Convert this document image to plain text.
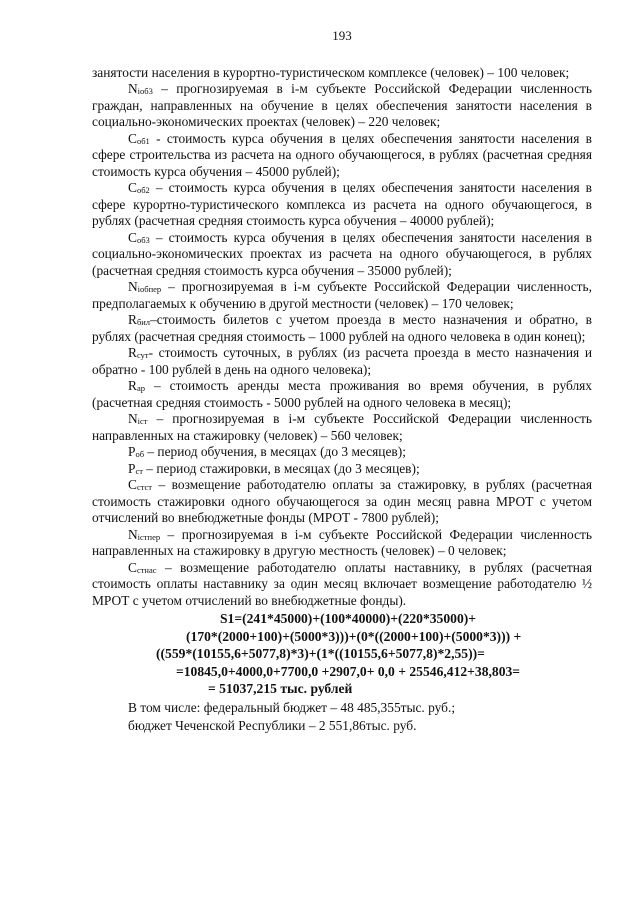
193

занятости населения в курортно-туристическом комплексе (человек) – 100 человек;

$N_{iоб3}$ – прогнозируемая в i-м субъекте Российской Федерации численность граждан, направленных на обучение в целях обеспечения занятости населения в социально-экономических проектах (человек) – 220 человек;

$C_{об1}$ - стоимость курса обучения в целях обеспечения занятости населения в сфере строительства из расчета на одного обучающегося, в рублях (расчетная средняя стоимость курса обучения – 45000 рублей);

$C_{об2}$ – стоимость курса обучения в целях обеспечения занятости населения в сфере курортно-туристического комплекса из расчета на одного обучающегося, в рублях (расчетная средняя стоимость курса обучения – 40000 рублей);

$C_{об3}$ – стоимость курса обучения в целях обеспечения занятости населения в социально-экономических проектах из расчета на одного обучающегося, в рублях (расчетная средняя стоимость курса обучения – 35000 рублей);

$N_{iобпер}$ – прогнозируемая в i-м субъекте Российской Федерации численность, предполагаемых к обучению в другой местности (человек) – 170 человек;

$R_{бил}$–стоимость билетов с учетом проезда в место назначения и обратно, в рублях (расчетная средняя стоимость – 1000 рублей на одного человека в один конец);

$R_{сут}-$ стоимость суточных, в рублях (из расчета проезда в место назначения и обратно - 100 рублей в день на одного человека);

$R_{ар}$ – стоимость аренды места проживания во время обучения, в рублях (расчетная средняя стоимость - 5000 рублей на одного человека в месяц);

$N_{iст}$ – прогнозируемая в i-м субъекте Российской Федерации численность направленных на стажировку (человек) – 560 человек;

$P_{об}$ – период обучения, в месяцах (до 3 месяцев);

$P_{ст}$ – период стажировки, в месяцах (до 3 месяцев);

$C_{стст}$ – возмещение работодателю оплаты за стажировку, в рублях (расчетная стоимость стажировки одного обучающегося за один месяц равна МРОТ с учетом отчислений во внебюджетные фонды (МРОТ - 7800 рублей);

$N_{iстпер}$ – прогнозируемая в i-м субъекте Российской Федерации численность направленных на стажировку в другую местность (человек) – 0 человек;

$C_{стнас}$ – возмещение работодателю оплаты наставнику, в рублях (расчетная стоимость оплаты наставнику за один месяц включает возмещение работодателю ½ МРОТ с учетом отчислений во внебюджетные фонды).

S1=(241*45000)+(100*40000)+(220*35000)+
(170*(2000+100)+(5000*3)))+(0*((2000+100)+(5000*3))) +
((559*(10155,6+5077,8)*3)+(1*((10155,6+5077,8)*2,55))=
=10845,0+4000,0+7700,0 +2907,0+ 0,0 + 25546,412+38,803=
= 51037,215 тыс. рублей

В том числе: федеральный бюджет – 48 485,355тыс. руб.;

бюджет Чеченской Республики – 2 551,86тыс. руб.
